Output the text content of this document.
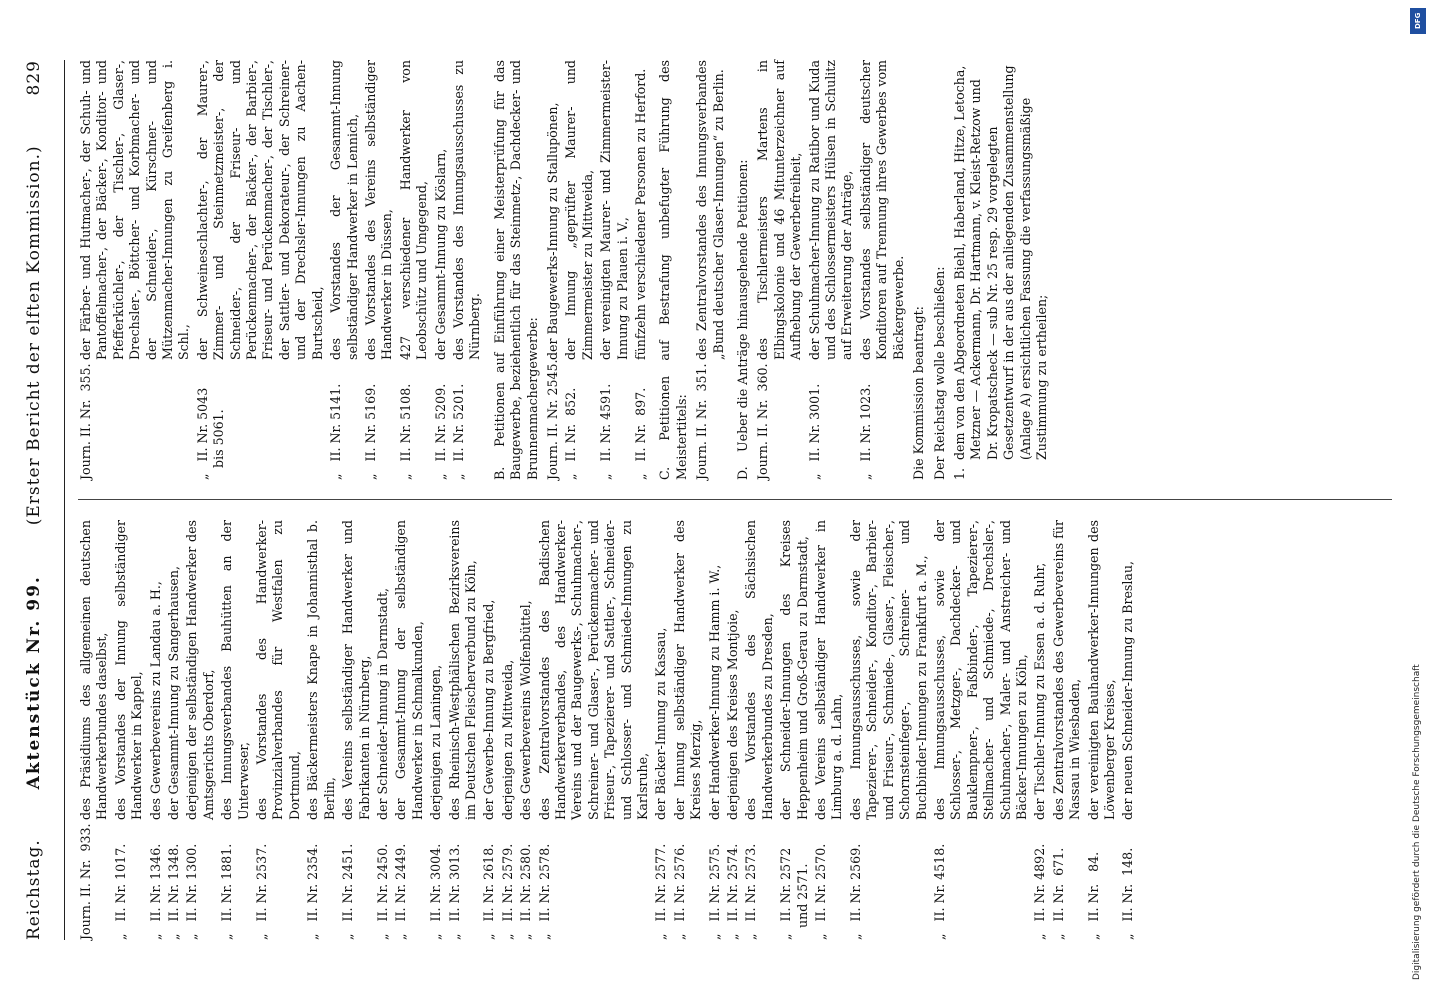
Reichstag.
Aktenstück Nr. 99.
(Erster Bericht der elften Kommission.)
829
Journ. II. Nr.  933.
des Präsidiums des allgemeinen deutschen Handwerkerbundes daselbst,
„   II. Nr. 1017.
des Vorstandes der Innung selbständiger Handwerker in Kappel,
„   II. Nr. 1346.
des Gewerbevereins zu Landau a. H.,
„   II. Nr. 1348.
der Gesammt-Innung zu Sangerhausen,
„   II. Nr. 1300.
derjenigen der selbständigen Handwerker des Amtsgerichts Oberdorf,
„   II. Nr. 1881.
des Innungsverbandes Bauhütten an der Unterweser,
„   II. Nr. 2537.
des Vorstandes des Handwerker-Provinzialverbandes für Westfalen zu Dortmund,
„   II. Nr. 2354.
des Bäckermeisters Knape in Johannisthal b. Berlin,
„   II. Nr. 2451.
des Vereins selbständiger Handwerker und Fabrikanten in Nürnberg,
„   II. Nr. 2450.
der Schneider-Innung in Darmstadt,
„   II. Nr. 2449.
der Gesammt-Innung der selbständigen Handwerker in Schmalkunden,
„   II. Nr. 3004.
derjenigen zu Laningen,
„   II. Nr. 3013.
des Rheinisch-Westphälischen Bezirksvereins im Deutschen Fleischerverbund zu Köln,
„   II. Nr. 2618.
der Gewerbe-Innung zu Bergfried,
„   II. Nr. 2579.
derjenigen zu Mittweida,
„   II. Nr. 2580.
des Gewerbevereins Wolfenbüttel,
„   II. Nr. 2578.
des Zentralvorstandes des Badischen Handwerkerverbandes, des Handwerker-Vereins und der Baugewerks-, Schuhmacher-, Schreiner- und Glaser-, Perückenmacher- und Friseur-, Tapezierer- und Sattler-, Schneider- und Schlosser- und Schmiede-Innungen zu Karlsruhe,
„   II. Nr. 2577.
der Bäcker-Innung zu Kassau,
„   II. Nr. 2576.
der Innung selbständiger Handwerker des Kreises Merzig,
„   II. Nr. 2575.
der Handwerker-Innung zu Hamm i. W.,
„   II. Nr. 2574.
derjenigen des Kreises Montjoie,
„   II. Nr. 2573.
des Vorstandes des Sächsischen Handwerkerbundes zu Dresden,
„   II. Nr. 2572
und 2571.
der Schneider-Innungen des Kreises Heppenheim und Groß-Gerau zu Darmstadt,
„   II. Nr. 2570.
des Vereins selbständiger Handwerker in Limburg a. d. Lahn,
„   II. Nr. 2569.
des Innungsausschusses, sowie der Tapezierer-, Schneider-, Konditor-, Barbier- und Friseur-, Schmiede-, Glaser-, Fleischer-, Schornsteinfeger-, Schreiner- und Buchbinder-Innungen zu Frankfurt a. M.,
„   II. Nr. 4518.
des Innungsausschusses, sowie der Schlosser-, Metzger-, Dachdecker- und Bauklempner-, Faßbinder-, Tapezierer-, Stellmacher- und Schmiede-, Drechsler-, Schuhmacher-, Maler- und Anstreicher- und Bäcker-Innungen zu Köln,
„   II. Nr. 4892.
der Tischler-Innung zu Essen a. d. Ruhr,
„   II. Nr.  671.
des Zentralvorstandes des Gewerbevereins für Nassau in Wiesbaden,
„   II. Nr.   84.
der vereinigten Bauhandwerker-Innungen des Löwenberger Kreises,
„   II. Nr.  148.
der neuen Schneider-Innung zu Breslau,
Journ. II. Nr.  355.
der Färber- und Hutmacher-, der Schuh- und Pantoffelmacher-, der Bäcker-, Konditor- und Pfefferküchler-, der Tischler-, Glaser-, Drechsler-, Böttcher- und Korbmacher- und der Schneider-, Kürschner- und Mützenmacher-Innungen zu Greifenberg i. Schl.,
„   II. Nr. 5043
bis 5061.
der Schweineschlachter-, der Maurer-, Zimmer- und Steinmetzmeister-, der Schneider-, der Friseur- und Perückenmacher-, der Bäcker-, der Barbier-, Friseur- und Perückenmacher-, der Tischler-, der Sattler- und Dekorateur-, der Schreiner- und der Drechsler-Innungen zu Aachen-Burtscheid,
„   II. Nr. 5141.
des Vorstandes der Gesammt-Innung selbständiger Handwerker in Lennich,
„   II. Nr. 5169.
des Vorstandes des Vereins selbständiger Handwerker in Düssen,
„   II. Nr. 5108.
427 verschiedener Handwerker von Leobschütz und Umgegend,
„   II. Nr. 5209.
der Gesammt-Innung zu Köslarn,
„   II. Nr. 5201.
des Vorstandes des Innungsausschusses zu Nürnberg.
B. Petitionen auf Einführung einer Meisterprüfung für das Baugewerbe, beziehentlich für das Steinmetz-, Dachdecker- und Brunnenmachergewerbe: Journ. II. Nr. 2545.
der Baugewerks-Innung zu Stallupönen,
„   II. Nr.  852.
der Innung „geprüfter Maurer- und Zimmermeister zu Mittweida,
„   II. Nr. 4591.
der vereinigten Maurer- und Zimmermeister-Innung zu Plauen i. V.,
„   II. Nr.  897.
fünfzehn verschiedener Personen zu Herford.
C. Petitionen auf Bestrafung unbefugter Führung des Meistertitels: Journ. II. Nr.  351.
des Zentralvorstandes des Innungsverbandes „Bund deutscher Glaser-Innungen“ zu Berlin.
D. Ueber die Anträge hinausgehende Petitionen: Journ. II. Nr.  360.
des Tischlermeisters Martens in Elbingskolonie und 46 Mitunterzeichner auf Aufhebung der Gewerbefreiheit,
„   II. Nr. 3001.
der Schuhmacher-Innung zu Ratibor und Kuda und des Schlossermeisters Hülsen in Schulitz auf Erweiterung der Anträge,
„   II. Nr. 1023.
des Vorstandes selbständiger deutscher Konditoren auf Trennung ihres Gewerbes vom Bäckergewerbe. Die Kommission beantragt: Der Reichstag wolle beschließen: 1.
dem von den Abgeordneten Biehl, Haberland, Hitze, Letocha, Metzner — Ackermann, Dr. Hartmann, v. Kleist-Retzow und Dr. Kropatscheck — sub Nr. 25 resp. 29 vorgelegten Gesetzentwurf in der aus der anliegenden Zusammenstellung (Anlage A) ersichtlichen Fassung die verfassungsmäßige Zustimmung zu ertheilen;
Digitalisierung gefördert durch die Deutsche Forschungsgemeinschaft
DFG
